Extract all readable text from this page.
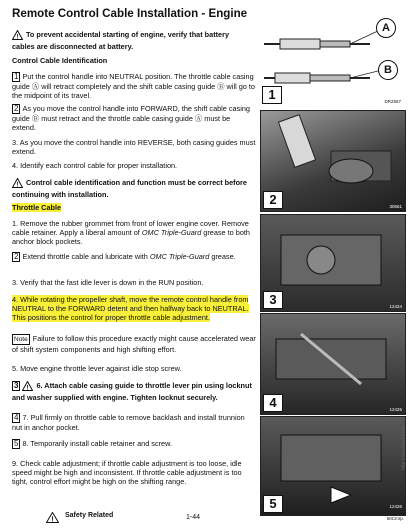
Remote Control Cable Installation - Engine
! To prevent accidental starting of engine, verify that battery cables are disconnected at battery.
Control Cable Identification
1 Put the control handle into NEUTRAL position. The throttle cable casing guide Ⓐ will retract completely and the shift cable casing guide Ⓑ will go to the midpoint of its travel.
2 As you move the control handle into FORWARD, the shift cable casing guide Ⓑ must retract and the throttle cable casing guide Ⓐ must be extend.
3. As you move the control handle into REVERSE, both casing guides must extend.
4. Identify each control cable for proper installation.
! Control cable identification and function must be correct before continuing with installation.
Throttle Cable
1. Remove the rubber grommet from front of lower engine cover. Remove cable retainer. Apply a liberal amount of OMC Triple-Guard grease to both anchor block pockets.
2 Extend throttle cable and lubricate with OMC Triple-Guard grease.
3. Verify that the fast idle lever is down in the RUN position.
4. While rotating the propeller shaft, move the remote control handle from NEUTRAL to the FORWARD detent and then halfway back to NEUTRAL. This positions the control for proper throttle cable adjustment.
Note Failure to follow this procedure exactly might cause accelerated wear of shift system components and high shifting effort.
5. Move engine throttle lever against idle stop screw.
3 ! 6. Attach cable casing guide to throttle lever pin using locknut and washer supplied with engine. Tighten locknut securely.
4 7. Pull firmly on throttle cable to remove backlash and install trunnion nut in anchor pocket.
5 8. Temporarily install cable retainer and screw.
9. Check cable adjustment; if throttle cable adjustment is too loose, idle speed might be high and inconsistent. If throttle cable adjustment is too tight, control effort might be high on the shifting range.
!
Safety Related	1-44
A
B
1	DR2567
2	30561
3	12424
4	12425
5	12426
50Cmrp.
http://SeeRoot.Com
